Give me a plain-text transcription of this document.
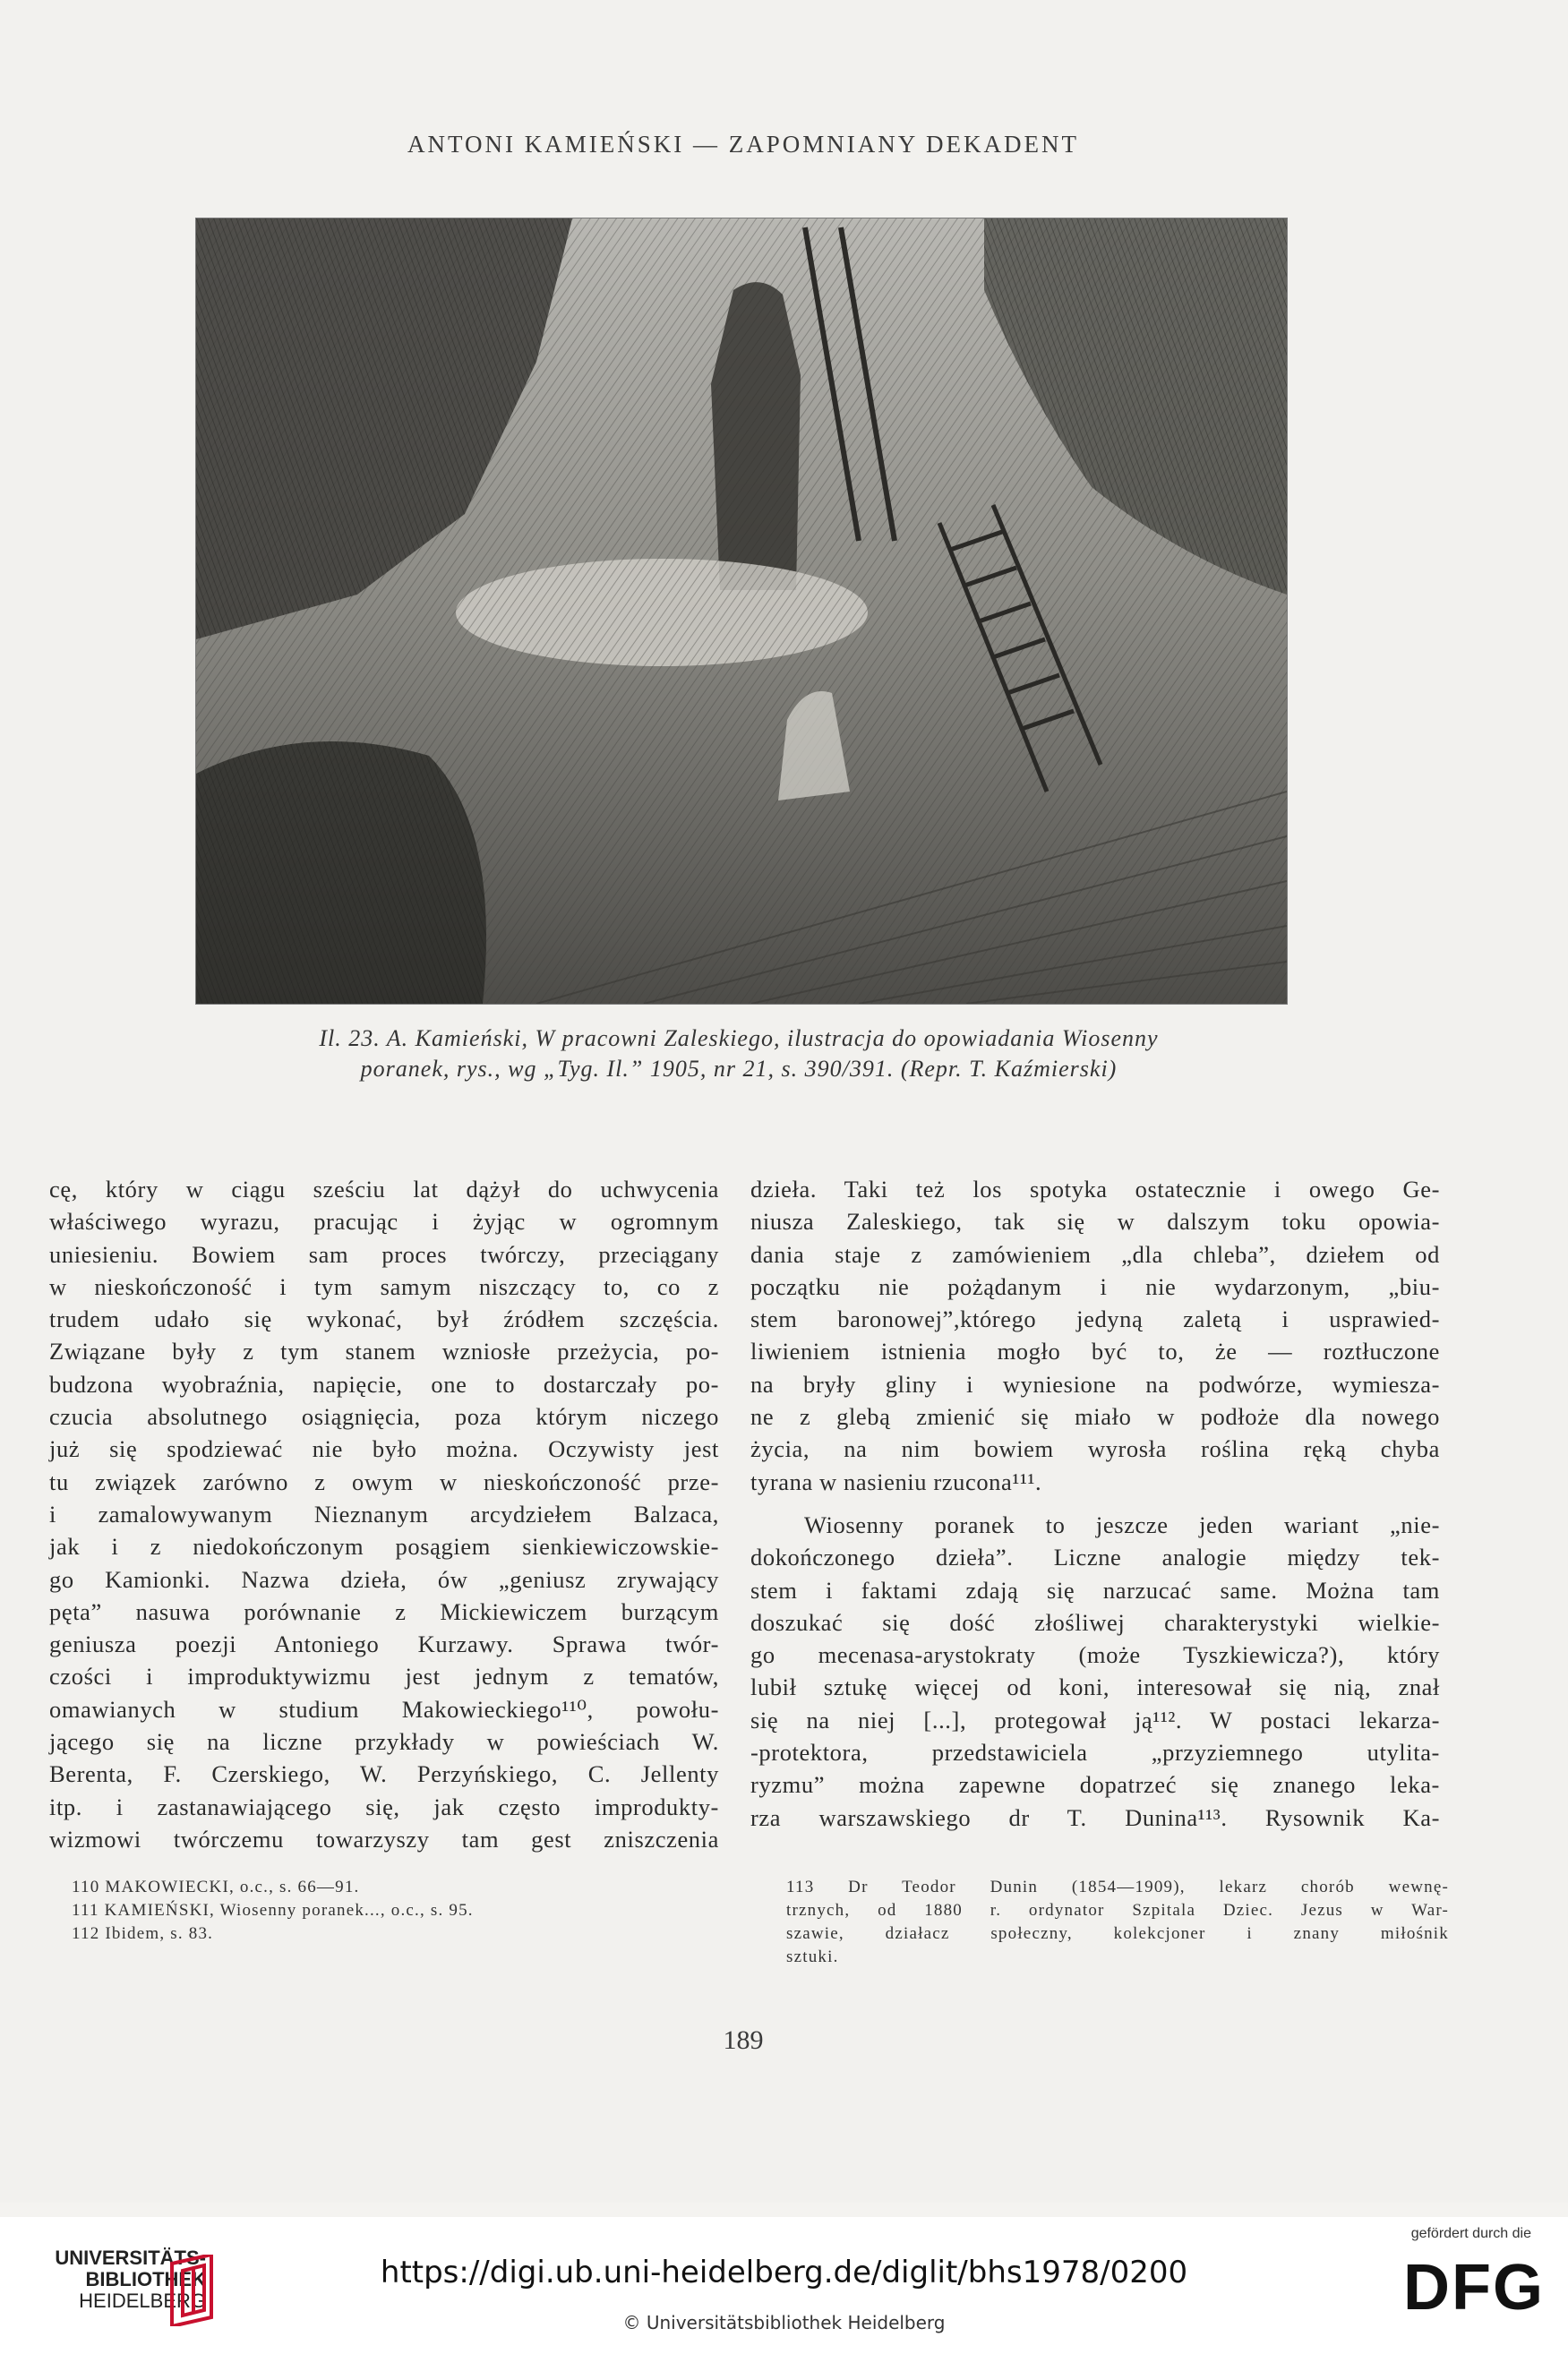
ANTONI KAMIEŃSKI — ZAPOMNIANY DEKADENT
Il. 23. A. Kamieński, W pracowni Zaleskiego, ilustracja do opowiadania Wiosenny
poranek, rys., wg „Tyg. Il.” 1905, nr 21, s. 390/391. (Repr. T. Kaźmierski)
cę, który w ciągu sześciu lat dążył do uchwycenia
właściwego wyrazu, pracując i żyjąc w ogromnym
uniesieniu. Bowiem sam proces twórczy, przeciągany
w nieskończoność i tym samym niszczący to, co z
trudem udało się wykonać, był źródłem szczęścia.
Związane były z tym stanem wzniosłe przeżycia, po-
budzona wyobraźnia, napięcie, one to dostarczały po-
czucia absolutnego osiągnięcia, poza którym niczego
już się spodziewać nie było można. Oczywisty jest
tu związek zarówno z owym w nieskończoność prze-
i zamalowywanym Nieznanym arcydziełem Balzaca,
jak i z niedokończonym posągiem sienkiewiczowskie-
go Kamionki. Nazwa dzieła, ów „geniusz zrywający
pęta” nasuwa porównanie z Mickiewiczem burzącym
geniusza poezji Antoniego Kurzawy. Sprawa twór-
czości i improduktywizmu jest jednym z tematów,
omawianych w studium Makowieckiego¹¹⁰, powołu-
jącego się na liczne przykłady w powieściach W.
Berenta, F. Czerskiego, W. Perzyńskiego, C. Jellenty
itp. i zastanawiającego się, jak często improdukty-
wizmowi twórczemu towarzyszy tam gest zniszczenia
dzieła. Taki też los spotyka ostatecznie i owego Ge-
niusza Zaleskiego, tak się w dalszym toku opowia-
dania staje z zamówieniem „dla chleba”, dziełem od
początku nie pożądanym i nie wydarzonym, „biu-
stem baronowej”,którego jedyną zaletą i usprawied-
liwieniem istnienia mogło być to, że — roztłuczone
na bryły gliny i wyniesione na podwórze, wymiesza-
ne z glebą zmienić się miało w podłoże dla nowego
życia, na nim bowiem wyrosła roślina ręką chyba
tyrana w nasieniu rzucona¹¹¹.
Wiosenny poranek to jeszcze jeden wariant „nie-
dokończonego dzieła”. Liczne analogie między tek-
stem i faktami zdają się narzucać same. Można tam
doszukać się dość złośliwej charakterystyki wielkie-
go mecenasa-arystokraty (może Tyszkiewicza?), który
lubił sztukę więcej od koni, interesował się nią, znał
się na niej [...], protegował ją¹¹². W postaci lekarza-
-protektora, przedstawiciela „przyziemnego utylita-
ryzmu” można zapewne dopatrzeć się znanego leka-
rza warszawskiego dr T. Dunina¹¹³. Rysownik Ka-
110 MAKOWIECKI, o.c., s. 66—91.
111 KAMIEŃSKI, Wiosenny poranek..., o.c., s. 95.
112 Ibidem, s. 83.
113 Dr Teodor Dunin (1854—1909), lekarz chorób wewnę-
trznych, od 1880 r. ordynator Szpitala Dziec. Jezus w War-
szawie, działacz społeczny, kolekcjoner i znany miłośnik
sztuki.
189
UNIVERSITÄTS-
BIBLIOTHEK
HEIDELBERG
https://digi.ub.uni-heidelberg.de/diglit/bhs1978/0200
© Universitätsbibliothek Heidelberg
gefördert durch die
DFG
